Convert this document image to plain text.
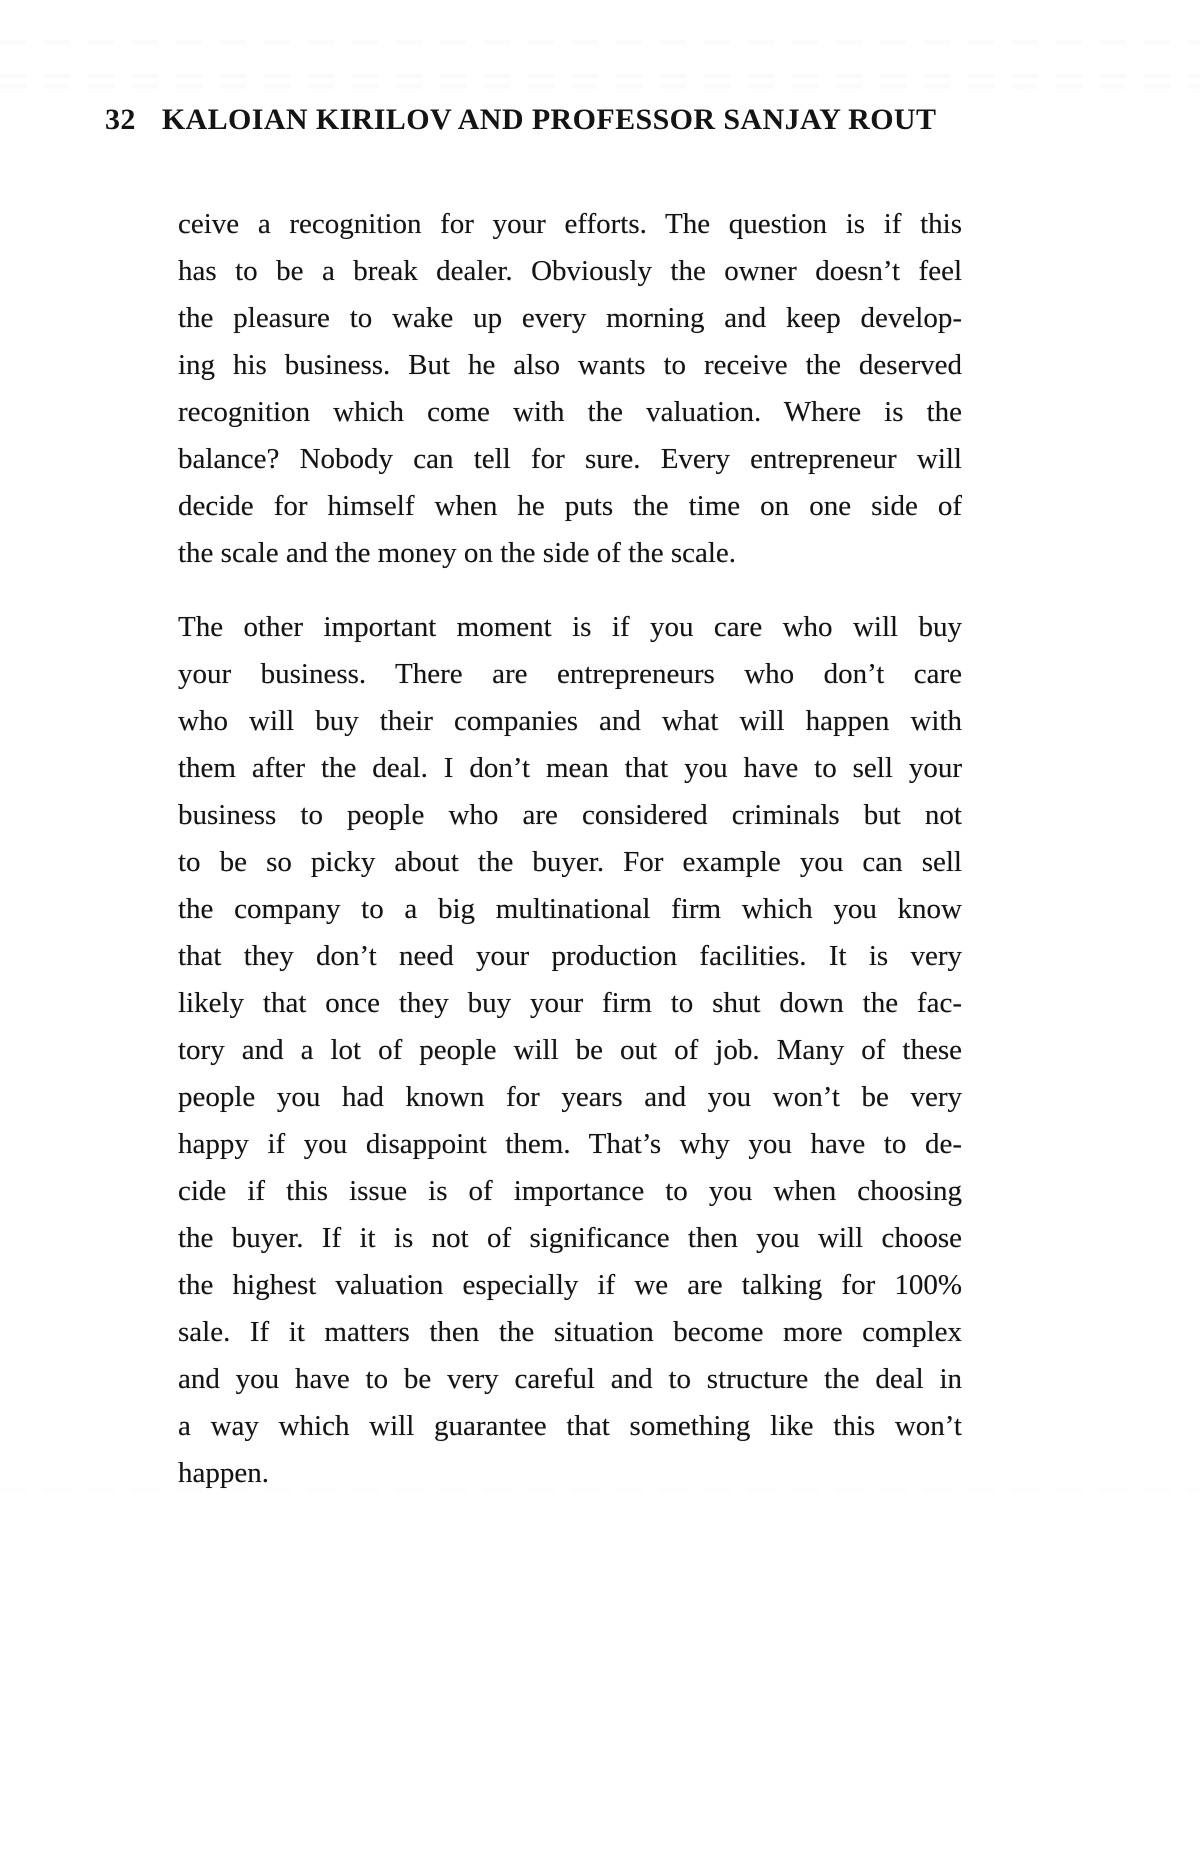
32 KALOIAN KIRILOV AND PROFESSOR SANJAY ROUT
ceive a recognition for your efforts. The question is if this
has to be a break dealer. Obviously the owner doesn’t feel
the pleasure to wake up every morning and keep develop-
ing his business. But he also wants to receive the deserved
recognition which come with the valuation. Where is the
balance? Nobody can tell for sure. Every entrepreneur will
decide for himself when he puts the time on one side of
the scale and the money on the side of the scale.
The other important moment is if you care who will buy
your business. There are entrepreneurs who don’t care
who will buy their companies and what will happen with
them after the deal. I don’t mean that you have to sell your
business to people who are considered criminals but not
to be so picky about the buyer. For example you can sell
the company to a big multinational firm which you know
that they don’t need your production facilities. It is very
likely that once they buy your firm to shut down the fac-
tory and a lot of people will be out of job. Many of these
people you had known for years and you won’t be very
happy if you disappoint them. That’s why you have to de-
cide if this issue is of importance to you when choosing
the buyer. If it is not of significance then you will choose
the highest valuation especially if we are talking for 100%
sale. If it matters then the situation become more complex
and you have to be very careful and to structure the deal in
a way which will guarantee that something like this won’t
happen.
